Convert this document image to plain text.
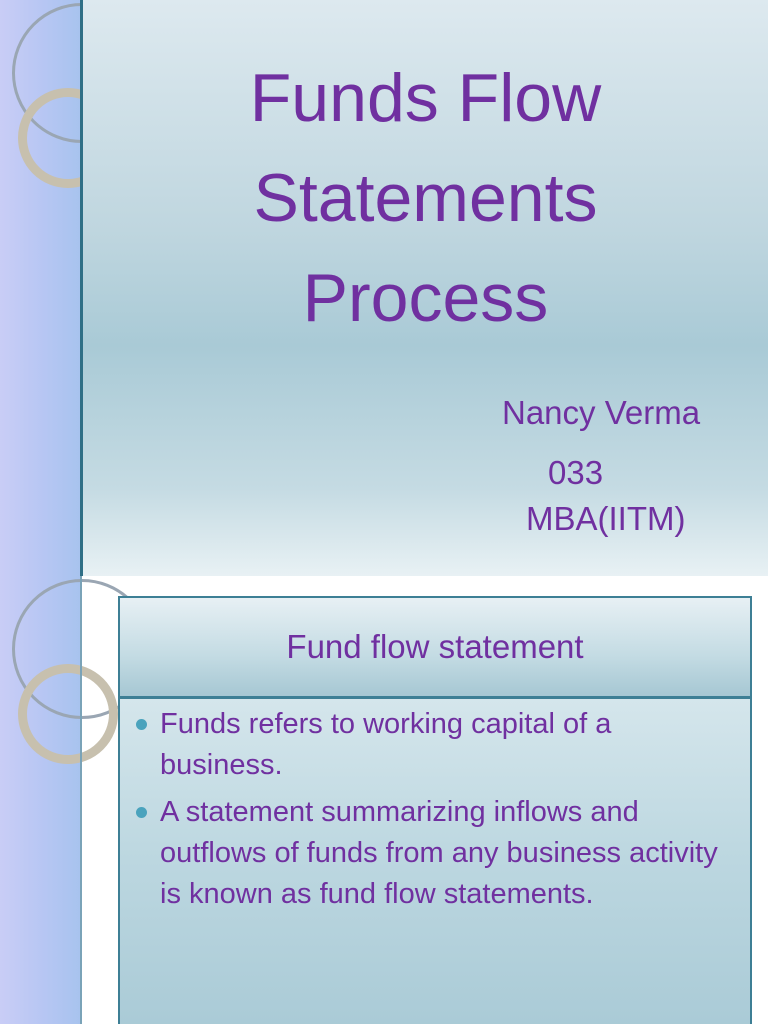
Funds Flow
Statements
Process
Nancy Verma
033
MBA(IITM)
Fund flow statement
Funds refers to working capital of a business.
A statement summarizing inflows and outflows of funds from any business activity is known as fund flow statements.
